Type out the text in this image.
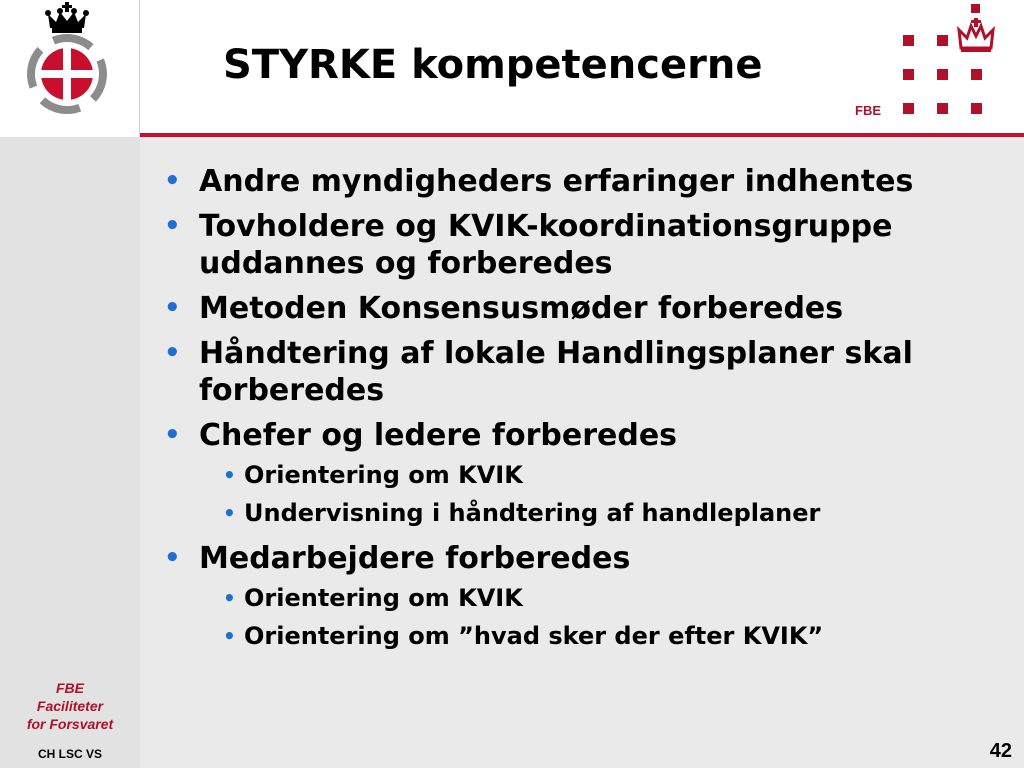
STYRKE kompetencerne
FBE
• Andre myndigheders erfaringer indhentes
• Tovholdere og KVIK-koordinationsgruppe uddannes og forberedes
• Metoden Konsensusmøder forberedes
• Håndtering af lokale Handlingsplaner skal forberedes
• Chefer og ledere forberedes
• Orientering om KVIK
• Undervisning i håndtering af handleplaner
• Medarbejdere forberedes
• Orientering om KVIK
• Orientering om ”hvad sker der efter KVIK”
FBE
Faciliteter
for Forsvaret
CH LSC VS	42
